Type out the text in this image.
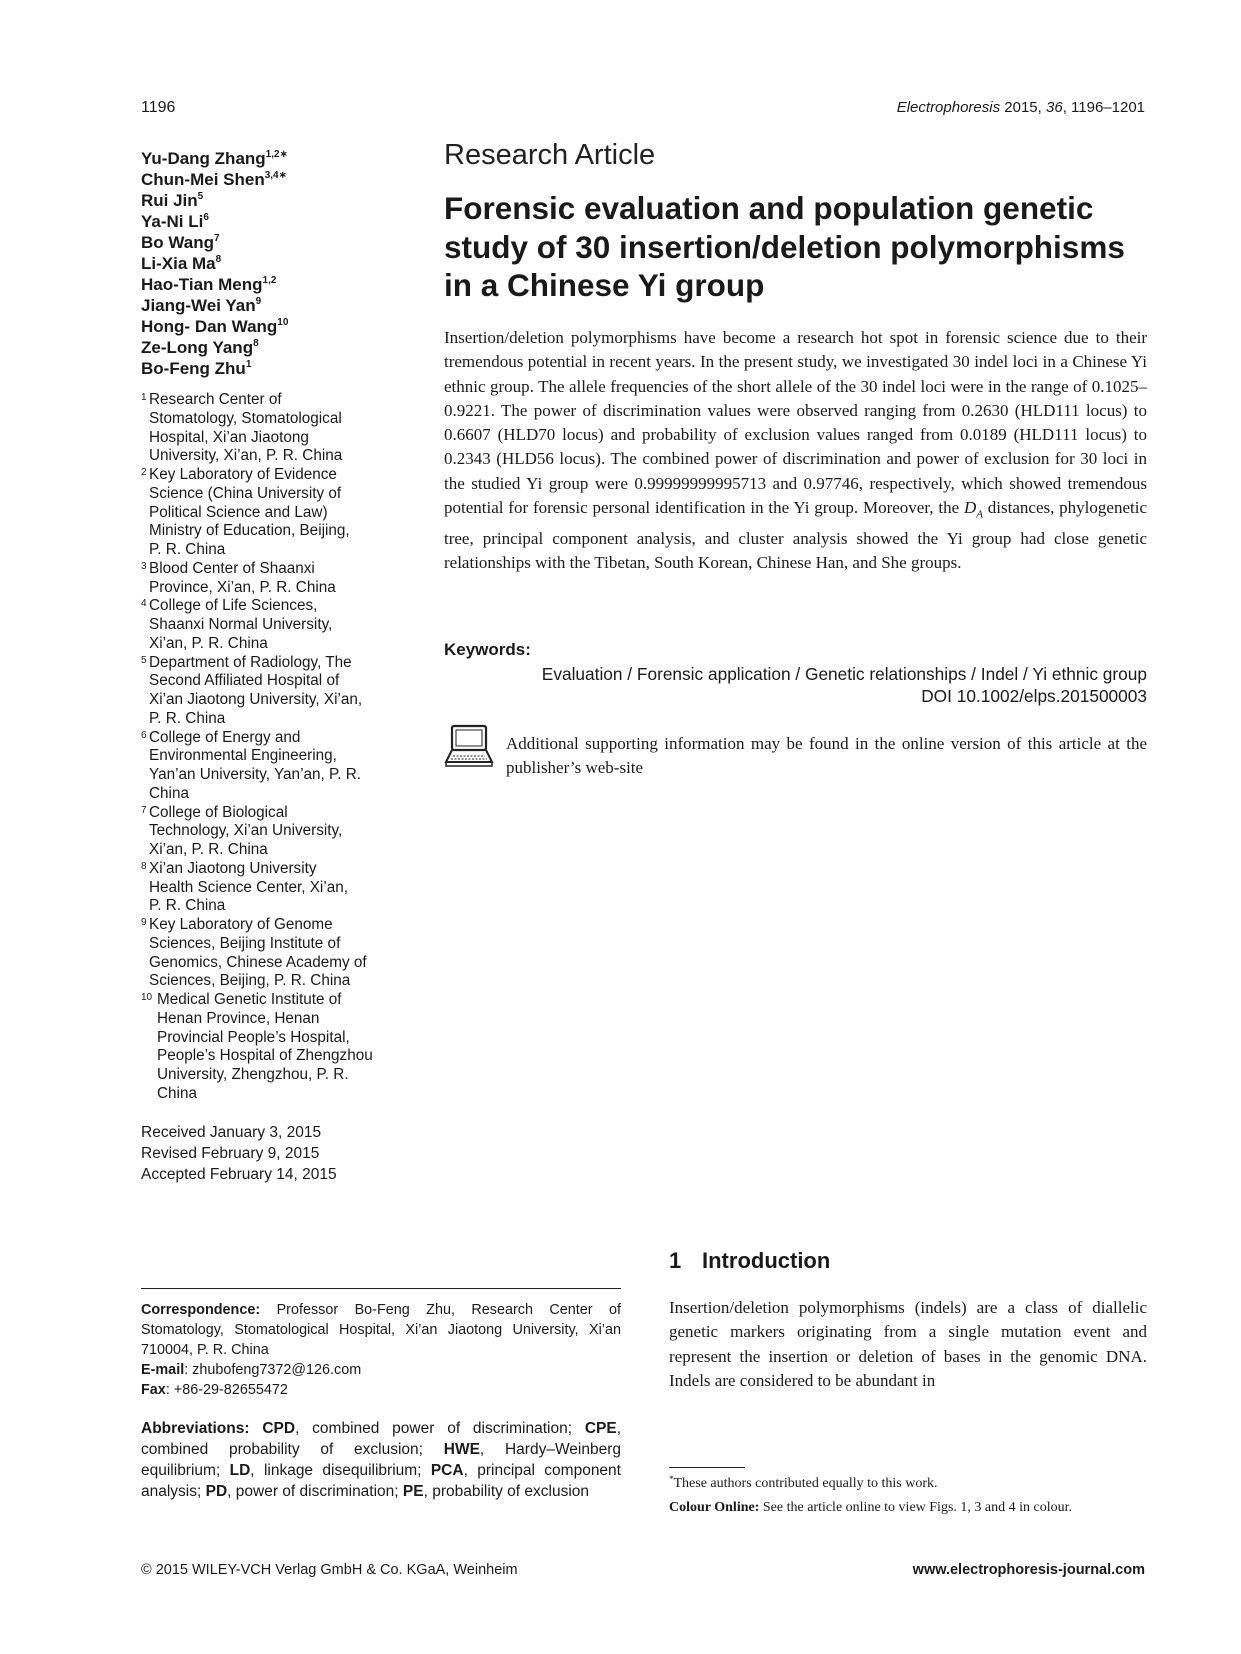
1196	Electrophoresis 2015, 36, 1196–1201
Yu-Dang Zhang$^{1,2∗}$
Chun-Mei Shen$^{3,4∗}$
Rui Jin$^5$
Ya-Ni Li$^6$
Bo Wang$^7$
Li-Xia Ma$^8$
Hao-Tian Meng$^{1,2}$
Jiang-Wei Yan$^9$
Hong- Dan Wang$^{10}$
Ze-Long Yang$^8$
Bo-Feng Zhu$^1$
1 Research Center of
Stomatology, Stomatological
Hospital, Xi’an Jiaotong
University, Xi’an, P. R. China
2 Key Laboratory of Evidence
Science (China University of
Political Science and Law)
Ministry of Education, Beijing,
P. R. China
3 Blood Center of Shaanxi
Province, Xi’an, P. R. China
4 College of Life Sciences,
Shaanxi Normal University,
Xi’an, P. R. China
5 Department of Radiology, The
Second Affiliated Hospital of
Xi’an Jiaotong University, Xi’an,
P. R. China
6 College of Energy and
Environmental Engineering,
Yan’an University, Yan’an, P. R.
China
7 College of Biological
Technology, Xi’an University,
Xi’an, P. R. China
8 Xi’an Jiaotong University
Health Science Center, Xi’an,
P. R. China
9 Key Laboratory of Genome
Sciences, Beijing Institute of
Genomics, Chinese Academy of
Sciences, Beijing, P. R. China
10 Medical Genetic Institute of
Henan Province, Henan
Provincial People’s Hospital,
People’s Hospital of Zhengzhou
University, Zhengzhou, P. R.
China
Received January 3, 2015
Revised February 9, 2015
Accepted February 14, 2015
Research Article
Forensic evaluation and population genetic study of 30 insertion/deletion polymorphisms in a Chinese Yi group

Insertion/deletion polymorphisms have become a research hot spot in forensic science due to their tremendous potential in recent years. In the present study, we investigated 30 indel loci in a Chinese Yi ethnic group. The allele frequencies of the short allele of the 30 indel loci were in the range of 0.1025–0.9221. The power of discrimination values were observed ranging from 0.2630 (HLD111 locus) to 0.6607 (HLD70 locus) and probability of exclusion values ranged from 0.0189 (HLD111 locus) to 0.2343 (HLD56 locus). The combined power of discrimination and power of exclusion for 30 loci in the studied Yi group were 0.99999999995713 and 0.97746, respectively, which showed tremendous potential for forensic personal identification in the Yi group. Moreover, the $D_A$ distances, phylogenetic tree, principal component analysis, and cluster analysis showed the Yi group had close genetic relationships with the Tibetan, South Korean, Chinese Han, and She groups.

Keywords:
Evaluation / Forensic application / Genetic relationships / Indel / Yi ethnic group
DOI 10.1002/elps.201500003

Additional supporting information may be found in the online version of this article at the publisher’s web-site

Correspondence: Professor Bo-Feng Zhu, Research Center of Stomatology, Stomatological Hospital, Xi’an Jiaotong University, Xi’an 710004, P. R. China
E-mail: zhubofeng7372@126.com
Fax: +86-29-82655472

Abbreviations: CPD, combined power of discrimination; CPE, combined probability of exclusion; HWE, Hardy–Weinberg equilibrium; LD, linkage disequilibrium; PCA, principal component analysis; PD, power of discrimination; PE, probability of exclusion

1 Introduction

Insertion/deletion polymorphisms (indels) are a class of diallelic genetic markers originating from a single mutation event and represent the insertion or deletion of bases in the genomic DNA. Indels are considered to be abundant in

*These authors contributed equally to this work.
Colour Online: See the article online to view Figs. 1, 3 and 4 in colour.
© 2015 WILEY-VCH Verlag GmbH & Co. KGaA, Weinheim	www.electrophoresis-journal.com
